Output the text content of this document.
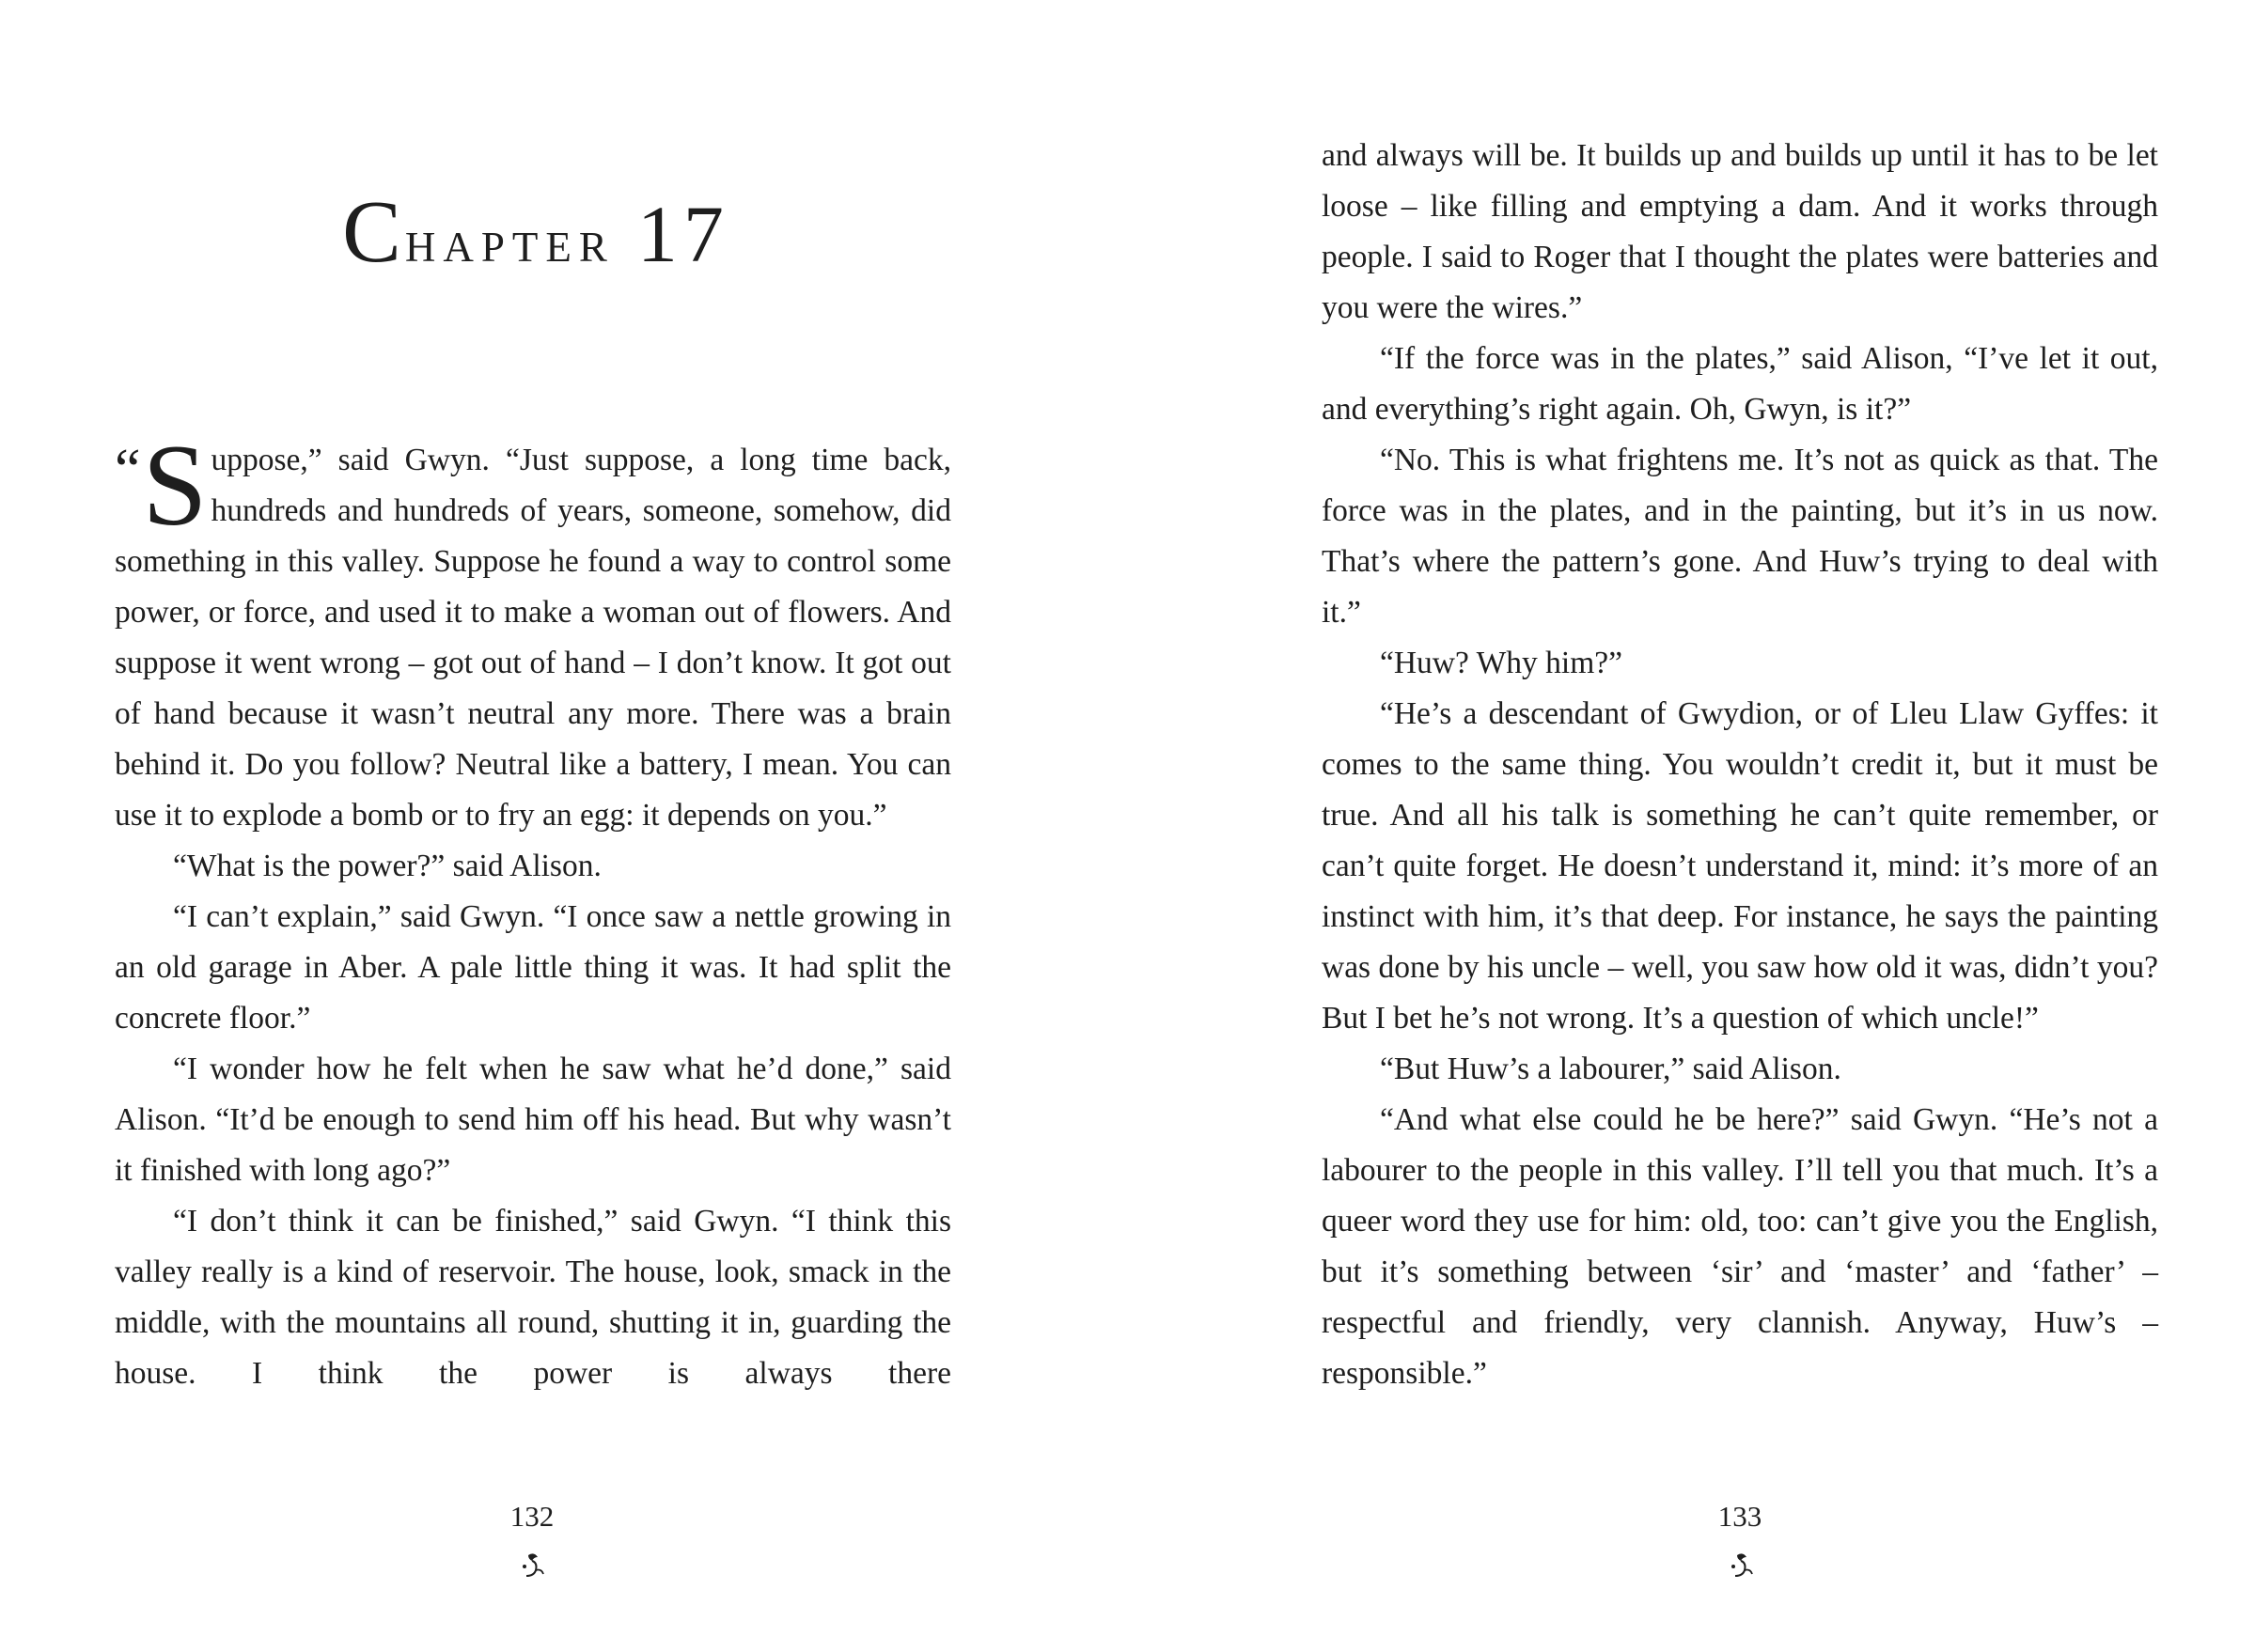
Chapter 17

“S uppose,” said Gwyn. “Just suppose, a long time back, hundreds and hundreds of years, someone, somehow, did something in this valley. Suppose he found a way to control some power, or force, and used it to make a woman out of flowers. And suppose it went wrong – got out of hand – I don’t know. It got out of hand because it wasn’t neutral any more. There was a brain behind it. Do you follow? Neutral like a battery, I mean. You can use it to explode a bomb or to fry an egg: it depends on you.”

“What is the power?” said Alison.

“I can’t explain,” said Gwyn. “I once saw a nettle growing in an old garage in Aber. A pale little thing it was. It had split the concrete floor.”

“I wonder how he felt when he saw what he’d done,” said Alison. “It’d be enough to send him off his head. But why wasn’t it finished with long ago?”

“I don’t think it can be finished,” said Gwyn. “I think this valley really is a kind of reservoir. The house, look, smack in the middle, with the mountains all round, shutting it in, guarding the house. I think the power is always there

132

and always will be. It builds up and builds up until it has to be let loose – like filling and emptying a dam. And it works through people. I said to Roger that I thought the plates were batteries and you were the wires.”

“If the force was in the plates,” said Alison, “I’ve let it out, and everything’s right again. Oh, Gwyn, is it?”

“No. This is what frightens me. It’s not as quick as that. The force was in the plates, and in the painting, but it’s in us now. That’s where the pattern’s gone. And Huw’s trying to deal with it.”

“Huw? Why him?”

“He’s a descendant of Gwydion, or of Lleu Llaw Gyffes: it comes to the same thing. You wouldn’t credit it, but it must be true. And all his talk is something he can’t quite remember, or can’t quite forget. He doesn’t understand it, mind: it’s more of an instinct with him, it’s that deep. For instance, he says the painting was done by his uncle – well, you saw how old it was, didn’t you? But I bet he’s not wrong. It’s a question of which uncle!”

“But Huw’s a labourer,” said Alison.

“And what else could he be here?” said Gwyn. “He’s not a labourer to the people in this valley. I’ll tell you that much. It’s a queer word they use for him: old, too: can’t give you the English, but it’s something between ‘sir’ and ‘master’ and ‘father’ – respectful and friendly, very clannish. Anyway, Huw’s – responsible.”

133
